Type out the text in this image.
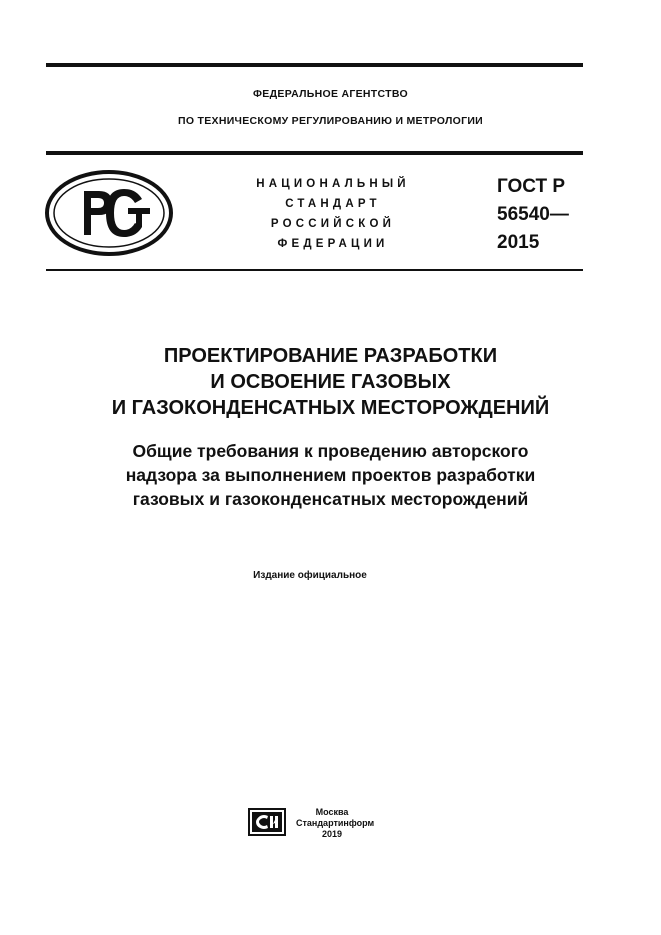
ФЕДЕРАЛЬНОЕ АГЕНТСТВО
ПО ТЕХНИЧЕСКОМУ РЕГУЛИРОВАНИЮ И МЕТРОЛОГИИ
НАЦИОНАЛЬНЫЙ
СТАНДАРТ
РОССИЙСКОЙ
ФЕДЕРАЦИИ
ГОСТ Р
56540—
2015
ПРОЕКТИРОВАНИЕ РАЗРАБОТКИ
И ОСВОЕНИЕ ГАЗОВЫХ
И ГАЗОКОНДЕНСАТНЫХ МЕСТОРОЖДЕНИЙ
Общие требования к проведению авторского
надзора за выполнением проектов разработки
газовых и газоконденсатных месторождений
Издание официальное
Москва
Стандартинформ
2019
